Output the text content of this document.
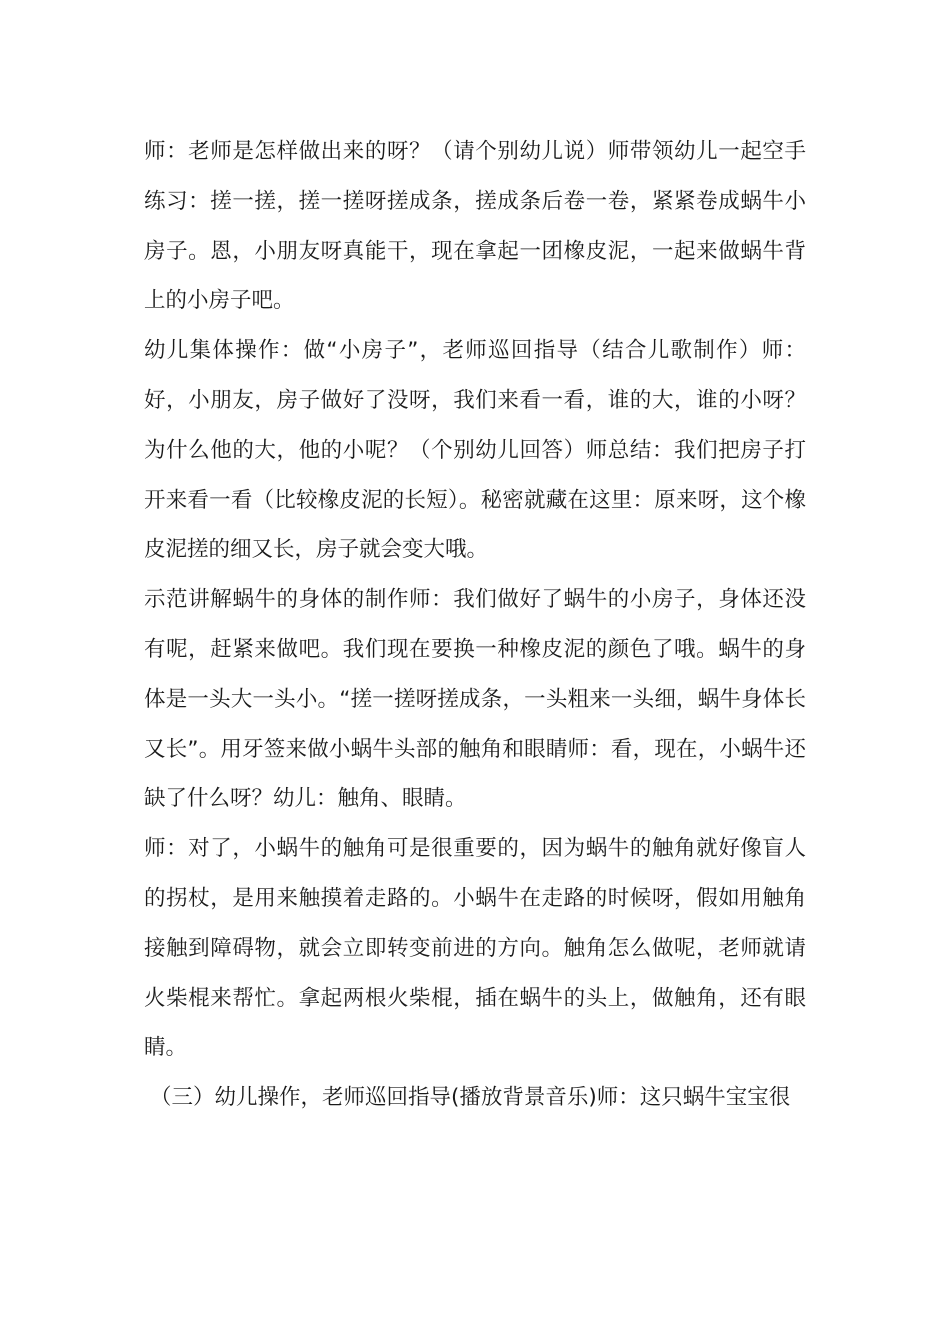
师：老师是怎样做出来的呀？（请个别幼儿说）师带领幼儿一起空手练习：搓一搓，搓一搓呀搓成条，搓成条后卷一卷，紧紧卷成蜗牛小房子。恩，小朋友呀真能干，现在拿起一团橡皮泥，一起来做蜗牛背上的小房子吧。

幼儿集体操作：做“小房子”，老师巡回指导（结合儿歌制作）师：好，小朋友，房子做好了没呀，我们来看一看，谁的大，谁的小呀？为什么他的大，他的小呢？（个别幼儿回答）师总结：我们把房子打开来看一看（比较橡皮泥的长短）。秘密就藏在这里：原来呀，这个橡皮泥搓的细又长，房子就会变大哦。

示范讲解蜗牛的身体的制作师：我们做好了蜗牛的小房子，身体还没有呢，赶紧来做吧。我们现在要换一种橡皮泥的颜色了哦。蜗牛的身体是一头大一头小。“搓一搓呀搓成条，一头粗来一头细，蜗牛身体长又长”。用牙签来做小蜗牛头部的触角和眼睛师：看，现在，小蜗牛还缺了什么呀？幼儿：触角、眼睛。

师：对了，小蜗牛的触角可是很重要的，因为蜗牛的触角就好像盲人的拐杖，是用来触摸着走路的。小蜗牛在走路的时候呀，假如用触角接触到障碍物，就会立即转变前进的方向。触角怎么做呢，老师就请火柴棍来帮忙。拿起两根火柴棍，插在蜗牛的头上，做触角，还有眼睛。

（三）幼儿操作，老师巡回指导(播放背景音乐)师：这只蜗牛宝宝很
